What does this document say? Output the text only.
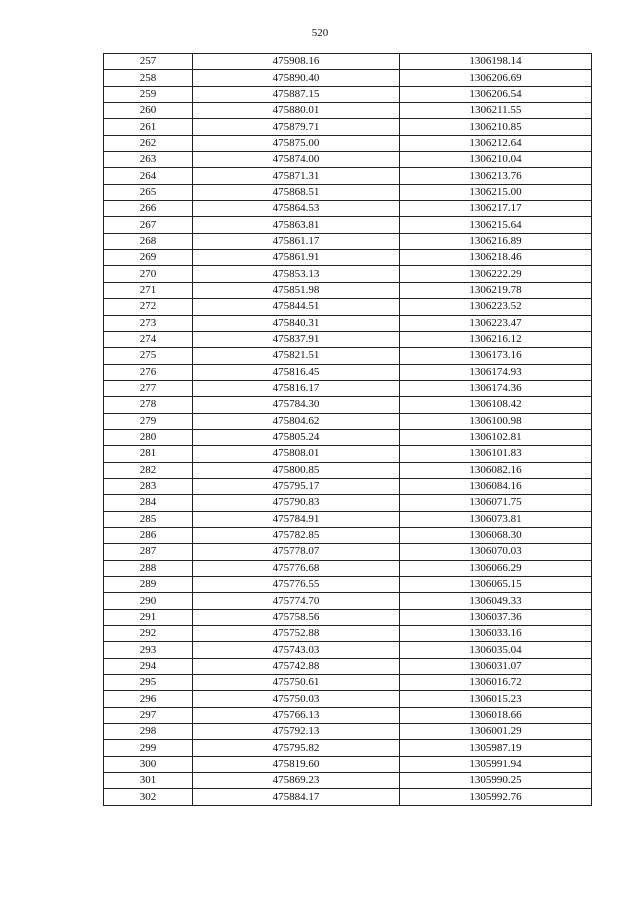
520
257	475908.16	1306198.14
258	475890.40	1306206.69
259	475887.15	1306206.54
260	475880.01	1306211.55
261	475879.71	1306210.85
262	475875.00	1306212.64
263	475874.00	1306210.04
264	475871.31	1306213.76
265	475868.51	1306215.00
266	475864.53	1306217.17
267	475863.81	1306215.64
268	475861.17	1306216.89
269	475861.91	1306218.46
270	475853.13	1306222.29
271	475851.98	1306219.78
272	475844.51	1306223.52
273	475840.31	1306223.47
274	475837.91	1306216.12
275	475821.51	1306173.16
276	475816.45	1306174.93
277	475816.17	1306174.36
278	475784.30	1306108.42
279	475804.62	1306100.98
280	475805.24	1306102.81
281	475808.01	1306101.83
282	475800.85	1306082.16
283	475795.17	1306084.16
284	475790.83	1306071.75
285	475784.91	1306073.81
286	475782.85	1306068.30
287	475778.07	1306070.03
288	475776.68	1306066.29
289	475776.55	1306065.15
290	475774.70	1306049.33
291	475758.56	1306037.36
292	475752.88	1306033.16
293	475743.03	1306035.04
294	475742.88	1306031.07
295	475750.61	1306016.72
296	475750.03	1306015.23
297	475766.13	1306018.66
298	475792.13	1306001.29
299	475795.82	1305987.19
300	475819.60	1305991.94
301	475869.23	1305990.25
302	475884.17	1305992.76
